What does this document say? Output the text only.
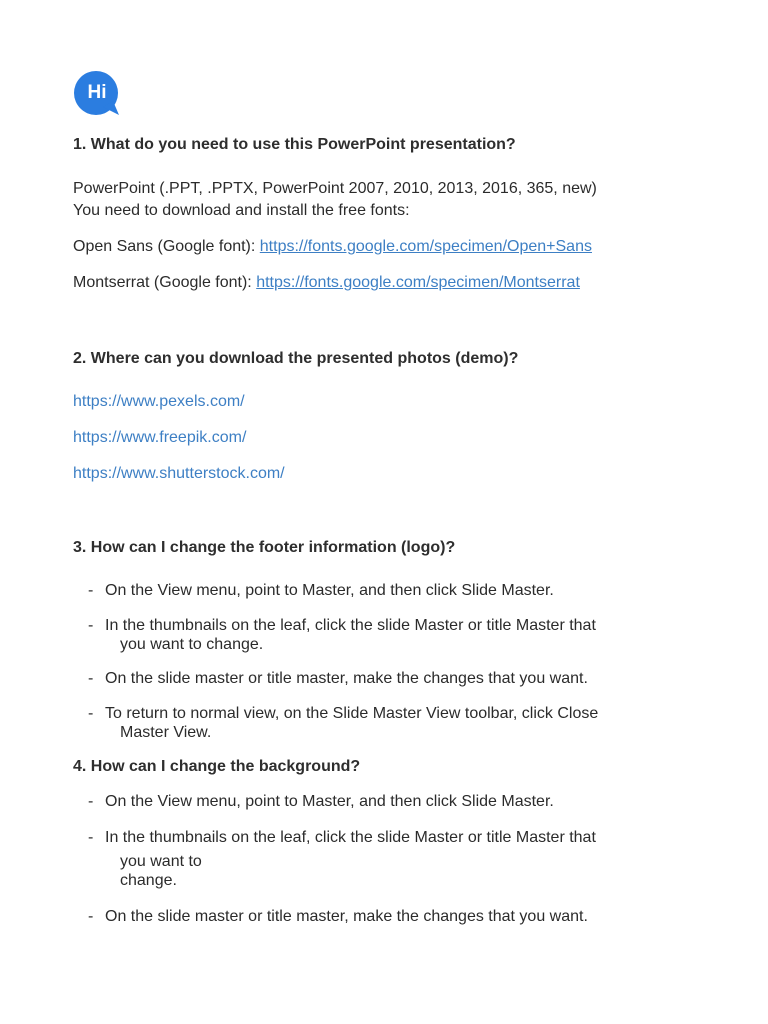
Hi

1. What do you need to use this PowerPoint presentation?

PowerPoint (.PPT, .PPTX, PowerPoint 2007, 2010, 2013, 2016, 365, new)

You need to download and install the free fonts:

Open Sans (Google font): https://fonts.google.com/specimen/Open+Sans

Montserrat (Google font): https://fonts.google.com/specimen/Montserrat

2. Where can you download the presented photos (demo)?

https://www.pexels.com/
https://www.freepik.com/
https://www.shutterstock.com/

3. How can I change the footer information (logo)?

- On the View menu, point to Master, and then click Slide Master.
- In the thumbnails on the leaf, click the slide Master or title Master that
you want to change.
- On the slide master or title master, make the changes that you want.
- To return to normal view, on the Slide Master View toolbar, click Close
Master View.

4. How can I change the background?

- On the View menu, point to Master, and then click Slide Master.
- In the thumbnails on the leaf, click the slide Master or title Master that
you want to
change.
- On the slide master or title master, make the changes that you want.
